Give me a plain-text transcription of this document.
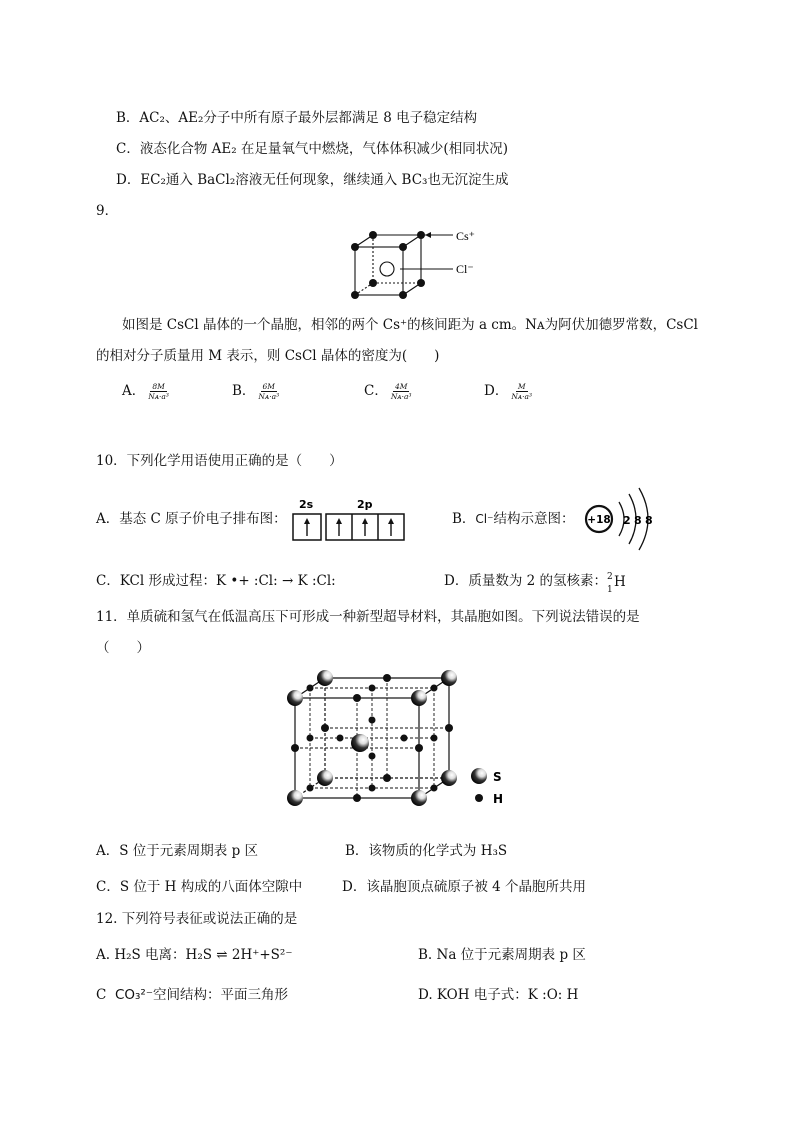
B．AC₂、AE₂分子中所有原子最外层都满足 8 电子稳定结构
C．液态化合物 AE₂ 在足量氧气中燃烧，气体体积减少(相同状况)
D．EC₂通入 BaCl₂溶液无任何现象，继续通入 BC₃也无沉淀生成
9．
Cs⁺
Cl⁻
如图是 CsCl 晶体的一个晶胞，相邻的两个 Cs⁺的核间距为 a cm。Nᴀ为阿伏加德罗常数，CsCl
的相对分子质量用 M 表示，则 CsCl 晶体的密度为(　　)
A． $\frac{8M}{\text{Nᴀ·a³}}$	B． $\frac{6M}{\text{Nᴀ·a³}}$	C． $\frac{4M}{\text{Nᴀ·a³}}$	D． $\frac{M}{\text{Nᴀ·a³}}$
10．下列化学用语使用正确的是（　　）
A．基态 C 原子价电子排布图：
2s	2p
B．Cl⁻结构示意图： +18 2 8 8
C．KCl 形成过程：K •+ :Cl: → K :Cl:	D．质量数为 2 的氢核素： 2
1 H
11．单质硫和氢气在低温高压下可形成一种新型超导材料，其晶胞如图。下列说法错误的是
（　　）
S
H
A．S 位于元素周期表 p 区	B．该物质的化学式为 H₃S
C．S 位于 H 构成的八面体空隙中	D．该晶胞顶点硫原子被 4 个晶胞所共用
12. 下列符号表征或说法正确的是
A. H₂S 电离：H₂S ⇌ 2H⁺+S²⁻	B. Na 位于元素周期表 p 区
C CO₃²⁻空间结构：平面三角形	D. KOH 电子式：K :O: H
